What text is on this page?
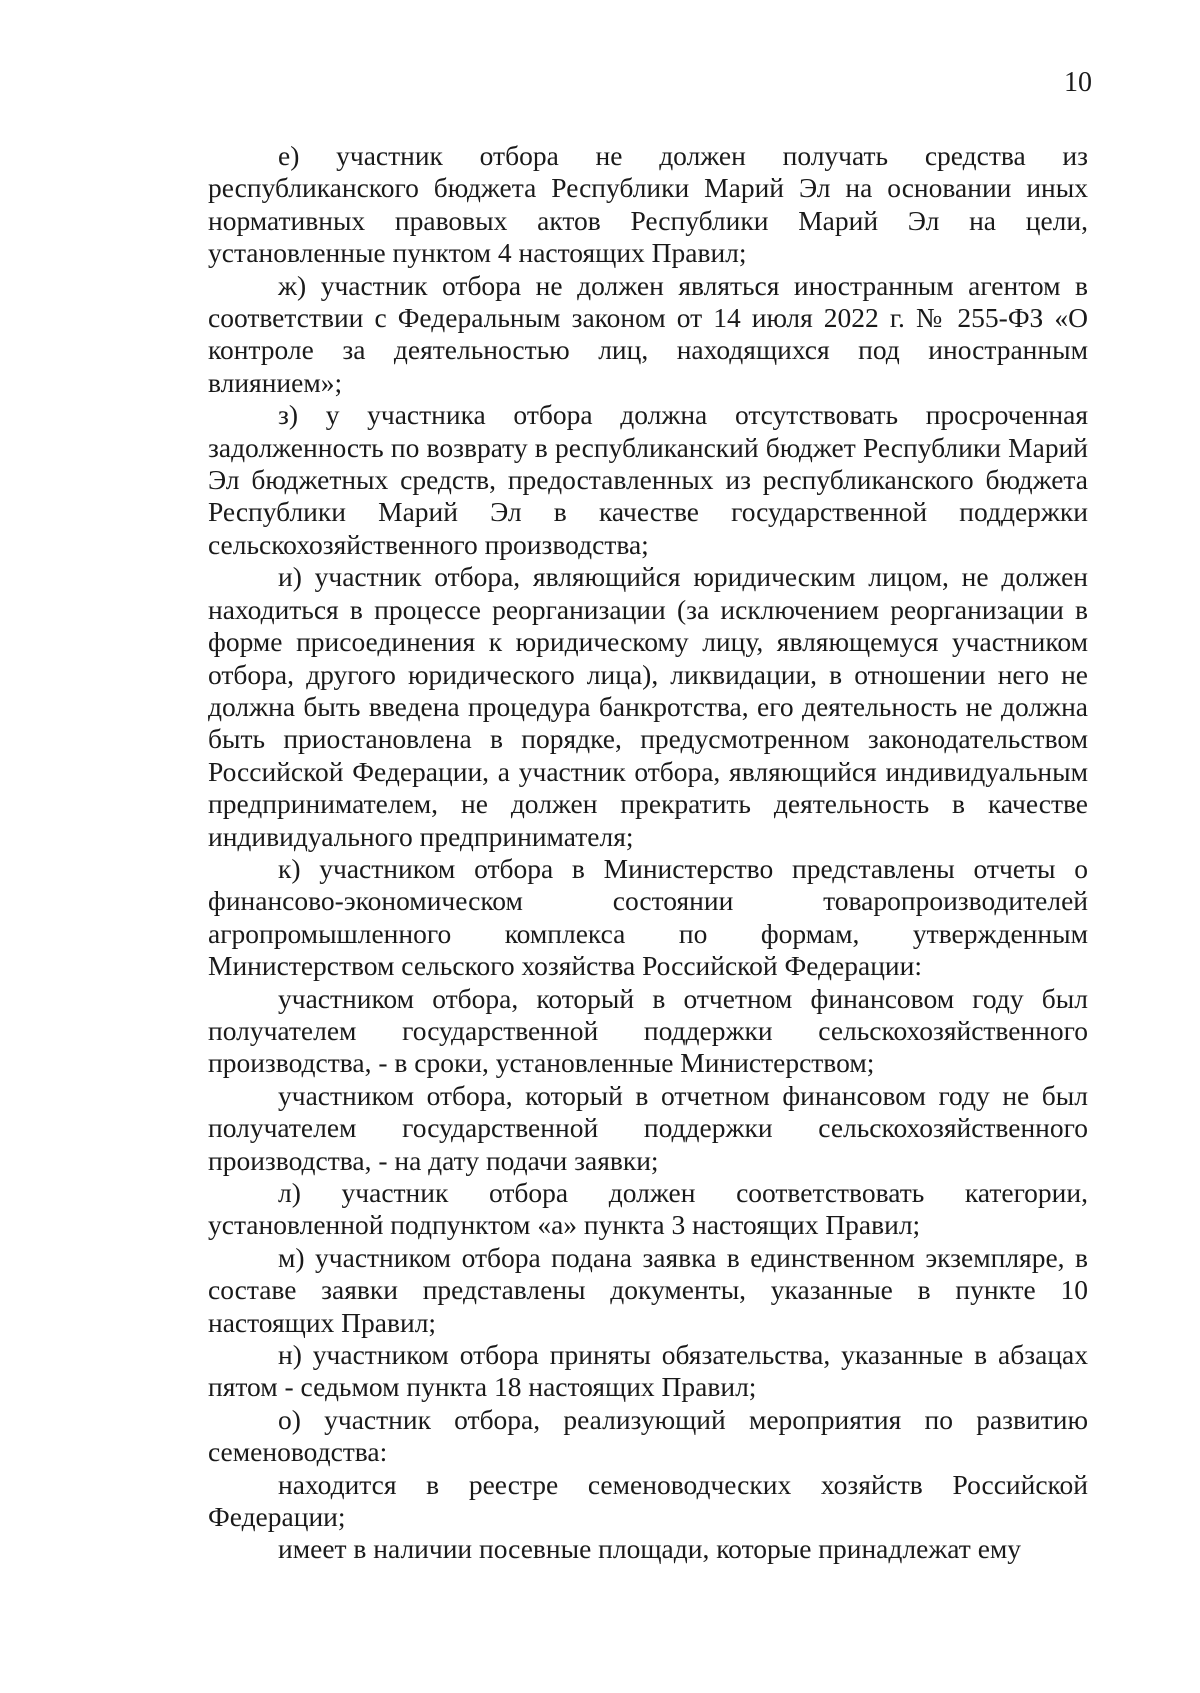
10

е) участник отбора не должен получать средства из республиканского бюджета Республики Марий Эл на основании иных нормативных правовых актов Республики Марий Эл на цели, установленные пунктом 4 настоящих Правил;

ж) участник отбора не должен являться иностранным агентом в соответствии с Федеральным законом от 14 июля 2022 г. № 255-ФЗ «О контроле за деятельностью лиц, находящихся под иностранным влиянием»;

з) у участника отбора должна отсутствовать просроченная задолженность по возврату в республиканский бюджет Республики Марий Эл бюджетных средств, предоставленных из республиканского бюджета Республики Марий Эл в качестве государственной поддержки сельскохозяйственного производства;

и) участник отбора, являющийся юридическим лицом, не должен находиться в процессе реорганизации (за исключением реорганизации в форме присоединения к юридическому лицу, являющемуся участником отбора, другого юридического лица), ликвидации, в отношении него не должна быть введена процедура банкротства, его деятельность не должна быть приостановлена в порядке, предусмотренном законодательством Российской Федерации, а участник отбора, являющийся индивидуальным предпринимателем, не должен прекратить деятельность в качестве индивидуального предпринимателя;

к) участником отбора в Министерство представлены отчеты о финансово-экономическом состоянии товаропроизводителей агропромышленного комплекса по формам, утвержденным Министерством сельского хозяйства Российской Федерации:

участником отбора, который в отчетном финансовом году был получателем государственной поддержки сельскохозяйственного производства, - в сроки, установленные Министерством;

участником отбора, который в отчетном финансовом году не был получателем государственной поддержки сельскохозяйственного производства, - на дату подачи заявки;

л) участник отбора должен соответствовать категории, установленной подпунктом «а» пункта 3 настоящих Правил;

м) участником отбора подана заявка в единственном экземпляре, в составе заявки представлены документы, указанные в пункте 10 настоящих Правил;

н) участником отбора приняты обязательства, указанные в абзацах пятом - седьмом пункта 18 настоящих Правил;

о) участник отбора, реализующий мероприятия по развитию семеноводства:

находится в реестре семеноводческих хозяйств Российской Федерации;

имеет в наличии посевные площади, которые принадлежат ему
